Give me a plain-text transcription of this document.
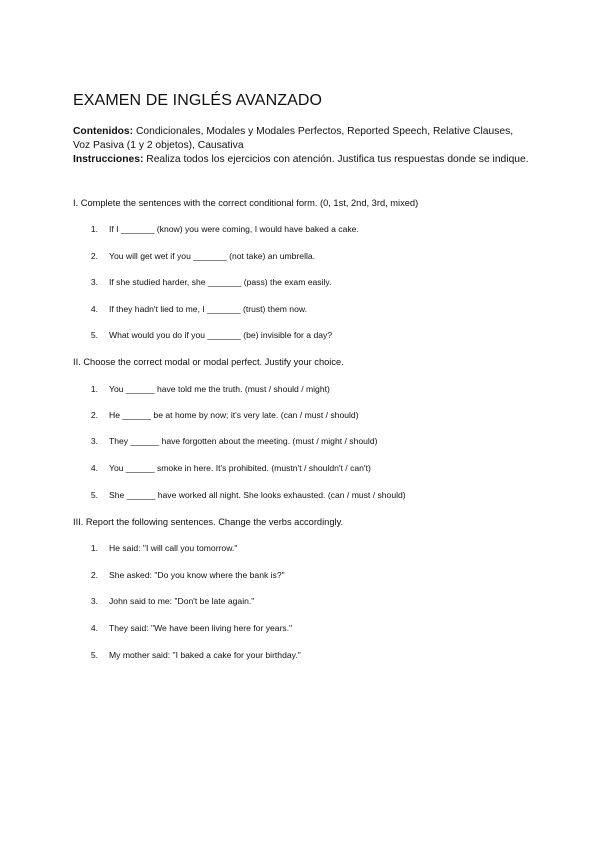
EXAMEN DE INGLÉS AVANZADO

Contenidos: Condicionales, Modales y Modales Perfectos, Reported Speech, Relative Clauses, Voz Pasiva (1 y 2 objetos), Causativa

Instrucciones: Realiza todos los ejercicios con atención. Justifica tus respuestas donde se indique.

I. Complete the sentences with the correct conditional form. (0, 1st, 2nd, 3rd, mixed)

1. If I _______ (know) you were coming, I would have baked a cake.
2. You will get wet if you _______ (not take) an umbrella.
3. If she studied harder, she _______ (pass) the exam easily.
4. If they hadn't lied to me, I _______ (trust) them now.
5. What would you do if you _______ (be) invisible for a day?

II. Choose the correct modal or modal perfect. Justify your choice.

1. You ______ have told me the truth. (must / should / might)
2. He ______ be at home by now; it's very late. (can / must / should)
3. They ______ have forgotten about the meeting. (must / might / should)
4. You ______ smoke in here. It's prohibited. (mustn't / shouldn't / can't)
5. She ______ have worked all night. She looks exhausted. (can / must / should)

III. Report the following sentences. Change the verbs accordingly.

1. He said: "I will call you tomorrow."
2. She asked: "Do you know where the bank is?"
3. John said to me: "Don't be late again."
4. They said: "We have been living here for years."
5. My mother said: "I baked a cake for your birthday."
